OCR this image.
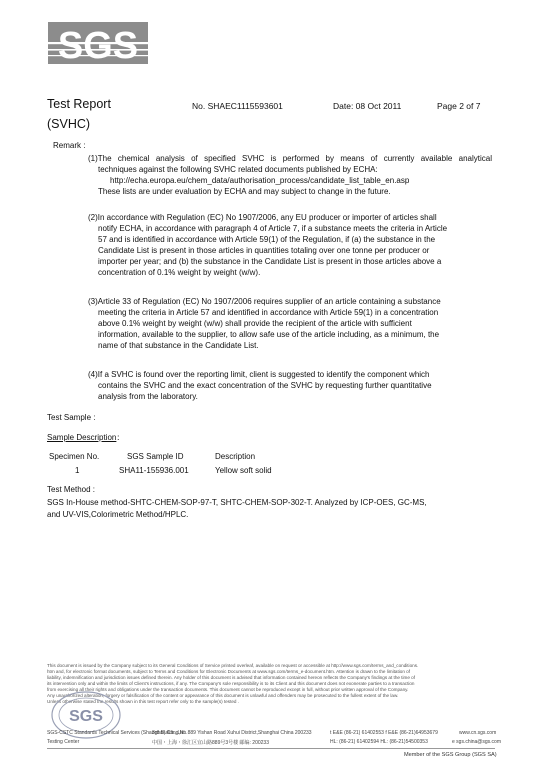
SGS
Test Report	No. SHAEC1115593601	Date: 08 Oct 2011	Page 2 of 7
(SVHC)
Remark :
(1)The chemical analysis of specified SVHC is performed by means of currently available analytical
techniques against the following SVHC related documents published by ECHA:
http://echa.europa.eu/chem_data/authorisation_process/candidate_list_table_en.asp
These lists are under evaluation by ECHA and may subject to change in the future.
(2)In accordance with Regulation (EC) No 1907/2006, any EU producer or importer of articles shall
notify ECHA, in accordance with paragraph 4 of Article 7, if a substance meets the criteria in Article
57 and is identified in accordance with Article 59(1) of the Regulation, if (a) the substance in the
Candidate List is present in those articles in quantities totaling over one tonne per producer or
importer per year; and (b) the substance in the Candidate List is present in those articles above a
concentration of 0.1% weight by weight (w/w).
(3)Article 33 of Regulation (EC) No 1907/2006 requires supplier of an article containing a substance
meeting the criteria in Article 57 and identified in accordance with Article 59(1) in a concentration
above 0.1% weight by weight (w/w) shall provide the recipient of the article with sufficient
information, available to the supplier, to allow safe use of the article including, as a minimum, the
name of that substance in the Candidate List.
(4)If a SVHC is found over the reporting limit, client is suggested to identify the component which
contains the SVHC and the exact concentration of the SVHC by requesting further quantitative
analysis from the laboratory.
Test Sample :
Sample Description：
Specimen No.	SGS Sample ID	Description
1	SHA11-155936.001	Yellow soft solid
Test Method :
SGS In-House method-SHTC-CHEM-SOP-97-T, SHTC-CHEM-SOP-302-T. Analyzed by ICP-OES, GC-MS,
and UV-VIS,Colorimetric Method/HPLC.
This document is issued by the Company subject to its General Conditions of Service printed overleaf, available on request or accessible at http://www.sgs.com/terms_and_conditions.
htm and, for electronic format documents, subject to Terms and Conditions for Electronic Documents at www.sgs.com/terms_e-document.htm. Attention is drawn to the limitation of
liability, indemnification and jurisdiction issues defined therein. Any holder of this document is advised that information contained hereon reflects the Company's findings at the time of
its intervention only and within the limits of Client's instructions, if any. The Company's sole responsibility is to its Client and this document does not exonerate parties to a transaction
from exercising all their rights and obligations under the transaction documents. This document cannot be reproduced except in full, without prior written approval of the Company.
Any unauthorized alteration, forgery or falsification of the content or appearance of this document is unlawful and offenders may be prosecuted to the fullest extent of the law.
Unless otherwise stated the results shown in this test report refer only to the sample(s) tested .
SGS
SGS-CSTC Standards Technical Services (Shanghai) Co., Ltd.
Testing Center
3rd Building,No.889 Yishan Road Xuhui District,Shanghai China 200233
中国・上海・徐汇区宜山路889号3号楼 邮编: 200233
t E&E (86-21) 61402553 f E&E (86-21)64953679
HL: (86-21) 61402594 HL: (86-21)54500353
www.cn.sgs.com
e sgs.china@sgs.com
Member of the SGS Group (SGS SA)
